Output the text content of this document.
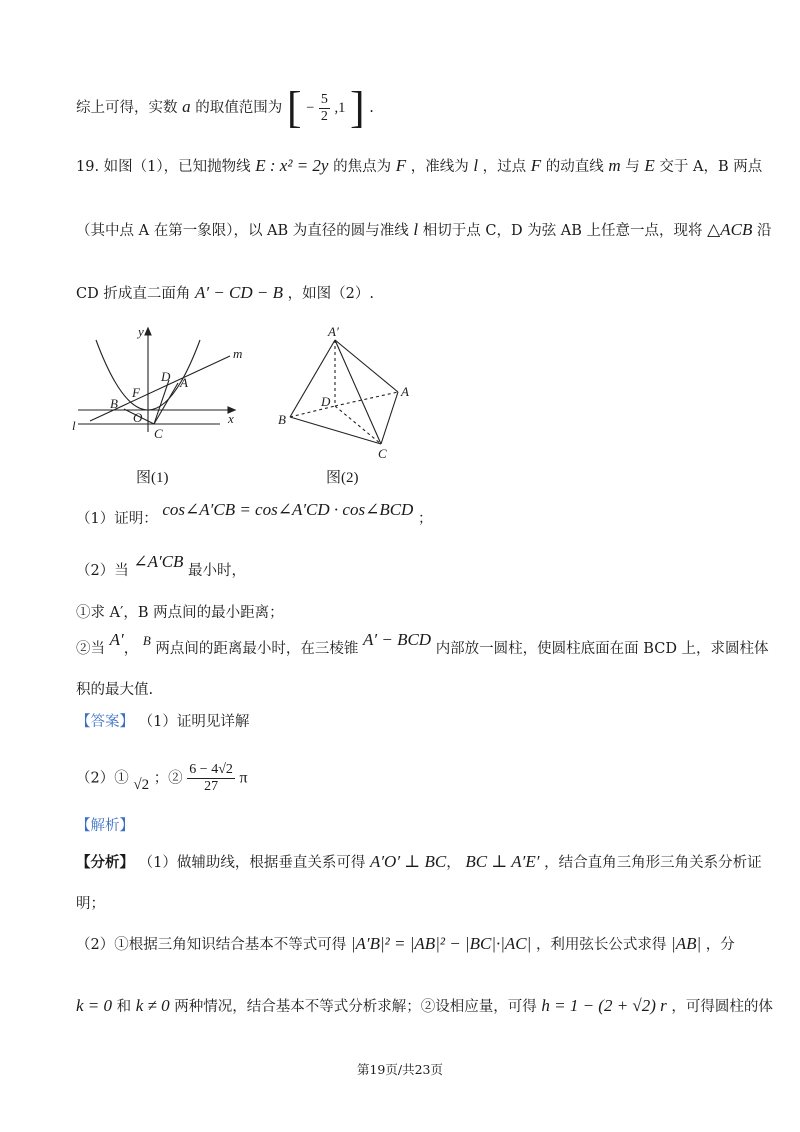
综上可得，实数 a 的取值范围为 [ − $\frac{5}{2} ,1$ ] .
19. 如图（1），已知抛物线 E : x² = 2y 的焦点为 F ，准线为 l ，过点 F 的动直线 m 与 E 交于 A，B 两点
（其中点 A 在第一象限），以 AB 为直径的圆与准线 l 相切于点 C，D 为弦 AB 上任意一点，现将 △ACB 沿
CD 折成直二面角 A′ − CD − B ，如图（2）.
y
x
m
l
D A
F
B
O
C
图(1)
A′
A
D
B
C
图(2)
（1）证明： cos∠A′CB = cos∠A′CD · cos∠BCD ；
（2）当 ∠A′CB 最小时，
①求 A′，B 两点间的最小距离；
②当 A′， B 两点间的距离最小时，在三棱锥 A′ − BCD 内部放一圆柱，使圆柱底面在面 BCD 上，求圆柱体
积的最大值.
【答案】 （1）证明见详解
（2）① √2 ；② $\frac{6 - 4√2}{27}$ π
【解析】
【分析】 （1）做辅助线，根据垂直关系可得 A′O′ ⊥ BC， BC ⊥ A′E′ ，结合直角三角形三角关系分析证
明；
（2）①根据三角知识结合基本不等式可得 |A′B|² = |AB|² − |BC|·|AC| ，利用弦长公式求得 |AB| ，分
k = 0 和 k ≠ 0 两种情况，结合基本不等式分析求解；②设相应量，可得 h = 1 − (2 + √2) r ，可得圆柱的体
第19页/共23页
